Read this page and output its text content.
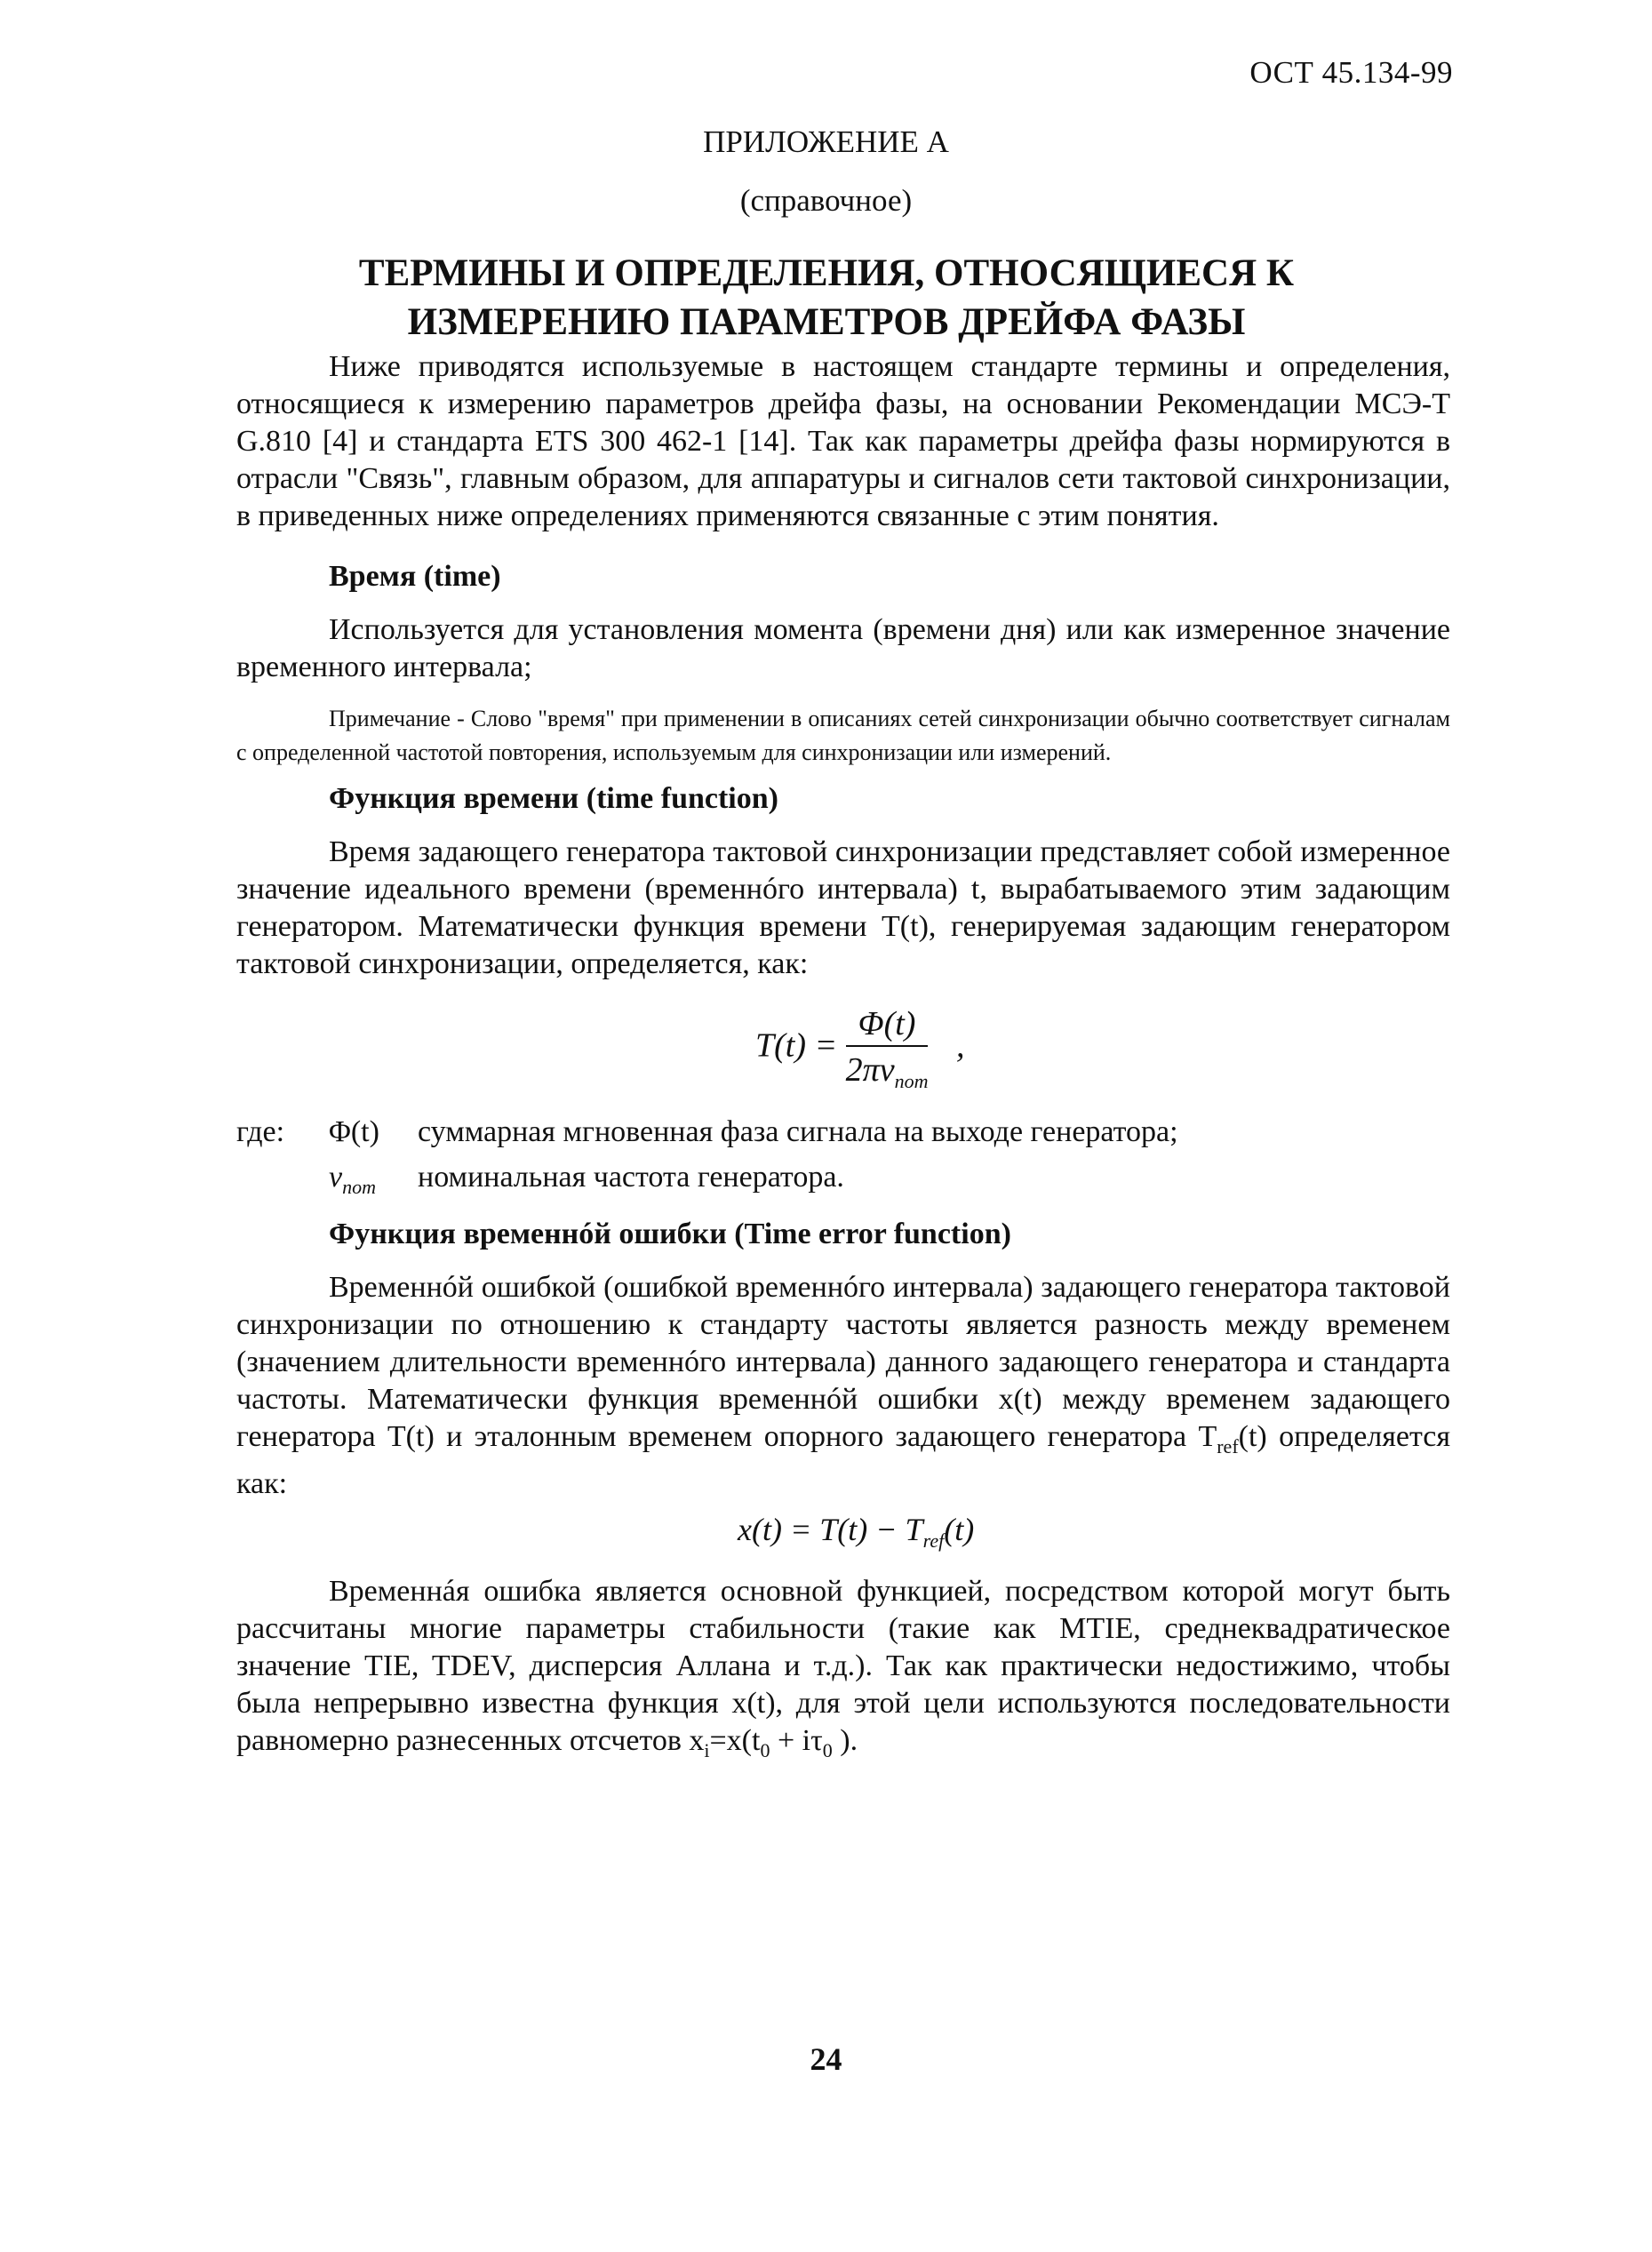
ОСТ 45.134-99
ПРИЛОЖЕНИЕ А
(справочное)
ТЕРМИНЫ И ОПРЕДЕЛЕНИЯ, ОТНОСЯЩИЕСЯ К ИЗМЕРЕНИЮ ПАРАМЕТРОВ ДРЕЙФА ФАЗЫ
Ниже приводятся используемые в настоящем стандарте термины и определения, относящиеся к измерению параметров дрейфа фазы, на основании Рекомендации МСЭ-Т G.810 [4] и стандарта ETS 300 462-1 [14]. Так как параметры дрейфа фазы нормируются в отрасли "Связь", главным образом, для аппаратуры и сигналов сети тактовой синхронизации, в приведенных ниже определениях применяются связанные с этим понятия.
Время (time)
Используется для установления момента (времени дня) или как измеренное значение временного интервала;
Примечание - Слово "время" при применении в описаниях сетей синхронизации обычно соответствует сигналам с определенной частотой повторения, используемым для синхронизации или измерений.
Функция времени (time function)
Время задающего генератора тактовой синхронизации представляет собой измеренное значение идеального времени (временнóго интервала) t, вырабатываемого этим задающим генератором. Математически функция времени T(t), генерируемая задающим генератором тактовой синхронизации, определяется, как:
$T(t) = \frac{\Phi(t)}{2\pi\nu_{nom}}$ ,
где: Φ(t) суммарная мгновенная фаза сигнала на выходе генератора;
$\nu_{nom}$ номинальная частота генератора.
Функция временнóй ошибки (Time error function)
Временнóй ошибкой (ошибкой временнóго интервала) задающего генератора тактовой синхронизации по отношению к стандарту частоты является разность между временем (значением длительности временнóго интервала) данного задающего генератора и стандарта частоты. Математически функция временнóй ошибки x(t) между временем задающего генератора T(t) и эталонным временем опорного задающего генератора $T_{ref}(t)$ определяется как:
$x(t) = T(t) - T_{ref}(t)$
Временнáя ошибка является основной функцией, посредством которой могут быть рассчитаны многие параметры стабильности (такие как MTIE, среднеквадратическое значение TIE, TDEV, дисперсия Аллана и т.д.). Так как практически недостижимо, чтобы была непрерывно известна функция x(t), для этой цели используются последовательности равномерно разнесенных отсчетов $x_i=x(t_0 + i\tau_0$ ).
24
